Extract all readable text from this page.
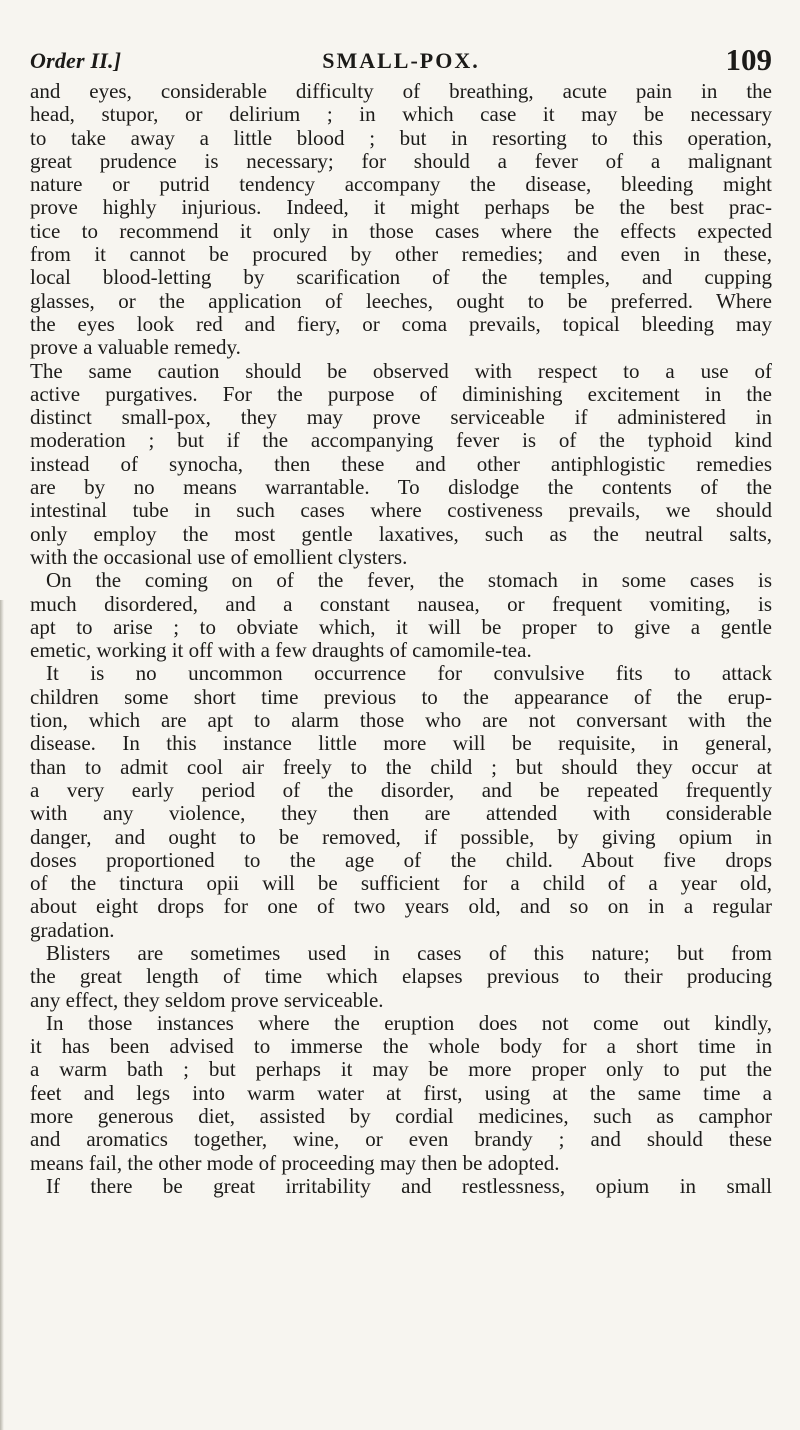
Order II.]	SMALL-POX.	109
and eyes, considerable difficulty of breathing, acute pain in the
head, stupor, or delirium ; in which case it may be necessary
to take away a little blood ; but in resorting to this operation,
great prudence is necessary; for should a fever of a malignant
nature or putrid tendency accompany the disease, bleeding might
prove highly injurious. Indeed, it might perhaps be the best prac-
tice to recommend it only in those cases where the effects expected
from it cannot be procured by other remedies; and even in these,
local blood-letting by scarification of the temples, and cupping
glasses, or the application of leeches, ought to be preferred. Where
the eyes look red and fiery, or coma prevails, topical bleeding may
prove a valuable remedy.
The same caution should be observed with respect to a use of
active purgatives. For the purpose of diminishing excitement in the
distinct small-pox, they may prove serviceable if administered in
moderation ; but if the accompanying fever is of the typhoid kind
instead of synocha, then these and other antiphlogistic remedies
are by no means warrantable. To dislodge the contents of the
intestinal tube in such cases where costiveness prevails, we should
only employ the most gentle laxatives, such as the neutral salts,
with the occasional use of emollient clysters.
On the coming on of the fever, the stomach in some cases is
much disordered, and a constant nausea, or frequent vomiting, is
apt to arise ; to obviate which, it will be proper to give a gentle
emetic, working it off with a few draughts of camomile-tea.
It is no uncommon occurrence for convulsive fits to attack
children some short time previous to the appearance of the erup-
tion, which are apt to alarm those who are not conversant with the
disease. In this instance little more will be requisite, in general,
than to admit cool air freely to the child ; but should they occur at
a very early period of the disorder, and be repeated frequently
with any violence, they then are attended with considerable
danger, and ought to be removed, if possible, by giving opium in
doses proportioned to the age of the child. About five drops
of the tinctura opii will be sufficient for a child of a year old,
about eight drops for one of two years old, and so on in a regular
gradation.
Blisters are sometimes used in cases of this nature; but from
the great length of time which elapses previous to their producing
any effect, they seldom prove serviceable.
In those instances where the eruption does not come out kindly,
it has been advised to immerse the whole body for a short time in
a warm bath ; but perhaps it may be more proper only to put the
feet and legs into warm water at first, using at the same time a
more generous diet, assisted by cordial medicines, such as camphor
and aromatics together, wine, or even brandy ; and should these
means fail, the other mode of proceeding may then be adopted.
If there be great irritability and restlessness, opium in small
